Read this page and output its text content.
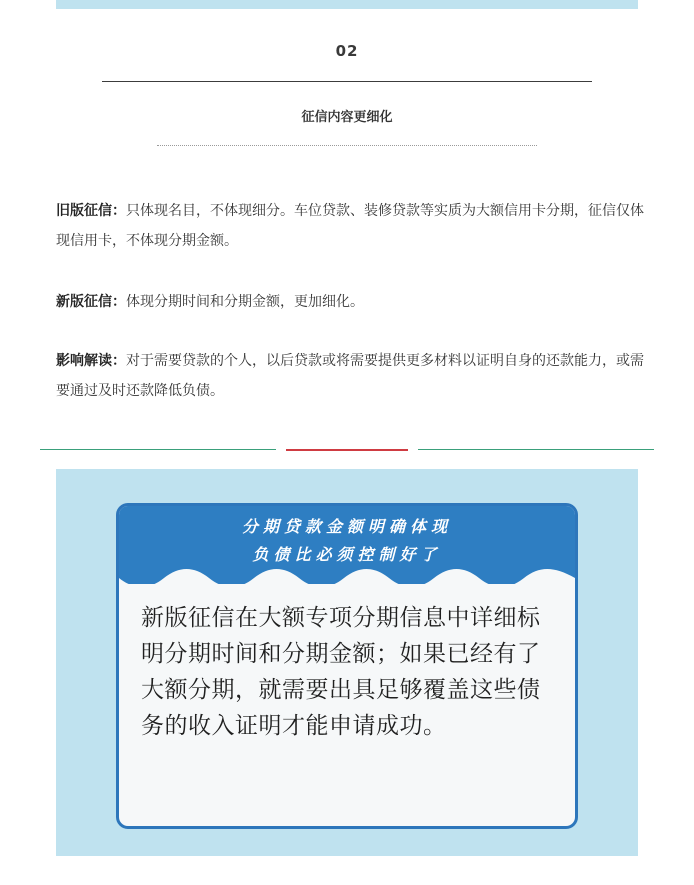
02
征信内容更细化

旧版征信：只体现名目，不体现细分。车位贷款、装修贷款等实质为大额信用卡分期，征信仅体现信用卡，不体现分期金额。

新版征信：体现分期时间和分期金额，更加细化。

影响解读：对于需要贷款的个人，以后贷款或将需要提供更多材料以证明自身的还款能力，或需要通过及时还款降低负债。

分期贷款金额明确体现
负债比必须控制好了

新版征信在大额专项分期信息中详细标明分期时间和分期金额；如果已经有了大额分期，就需要出具足够覆盖这些债务的收入证明才能申请成功。
